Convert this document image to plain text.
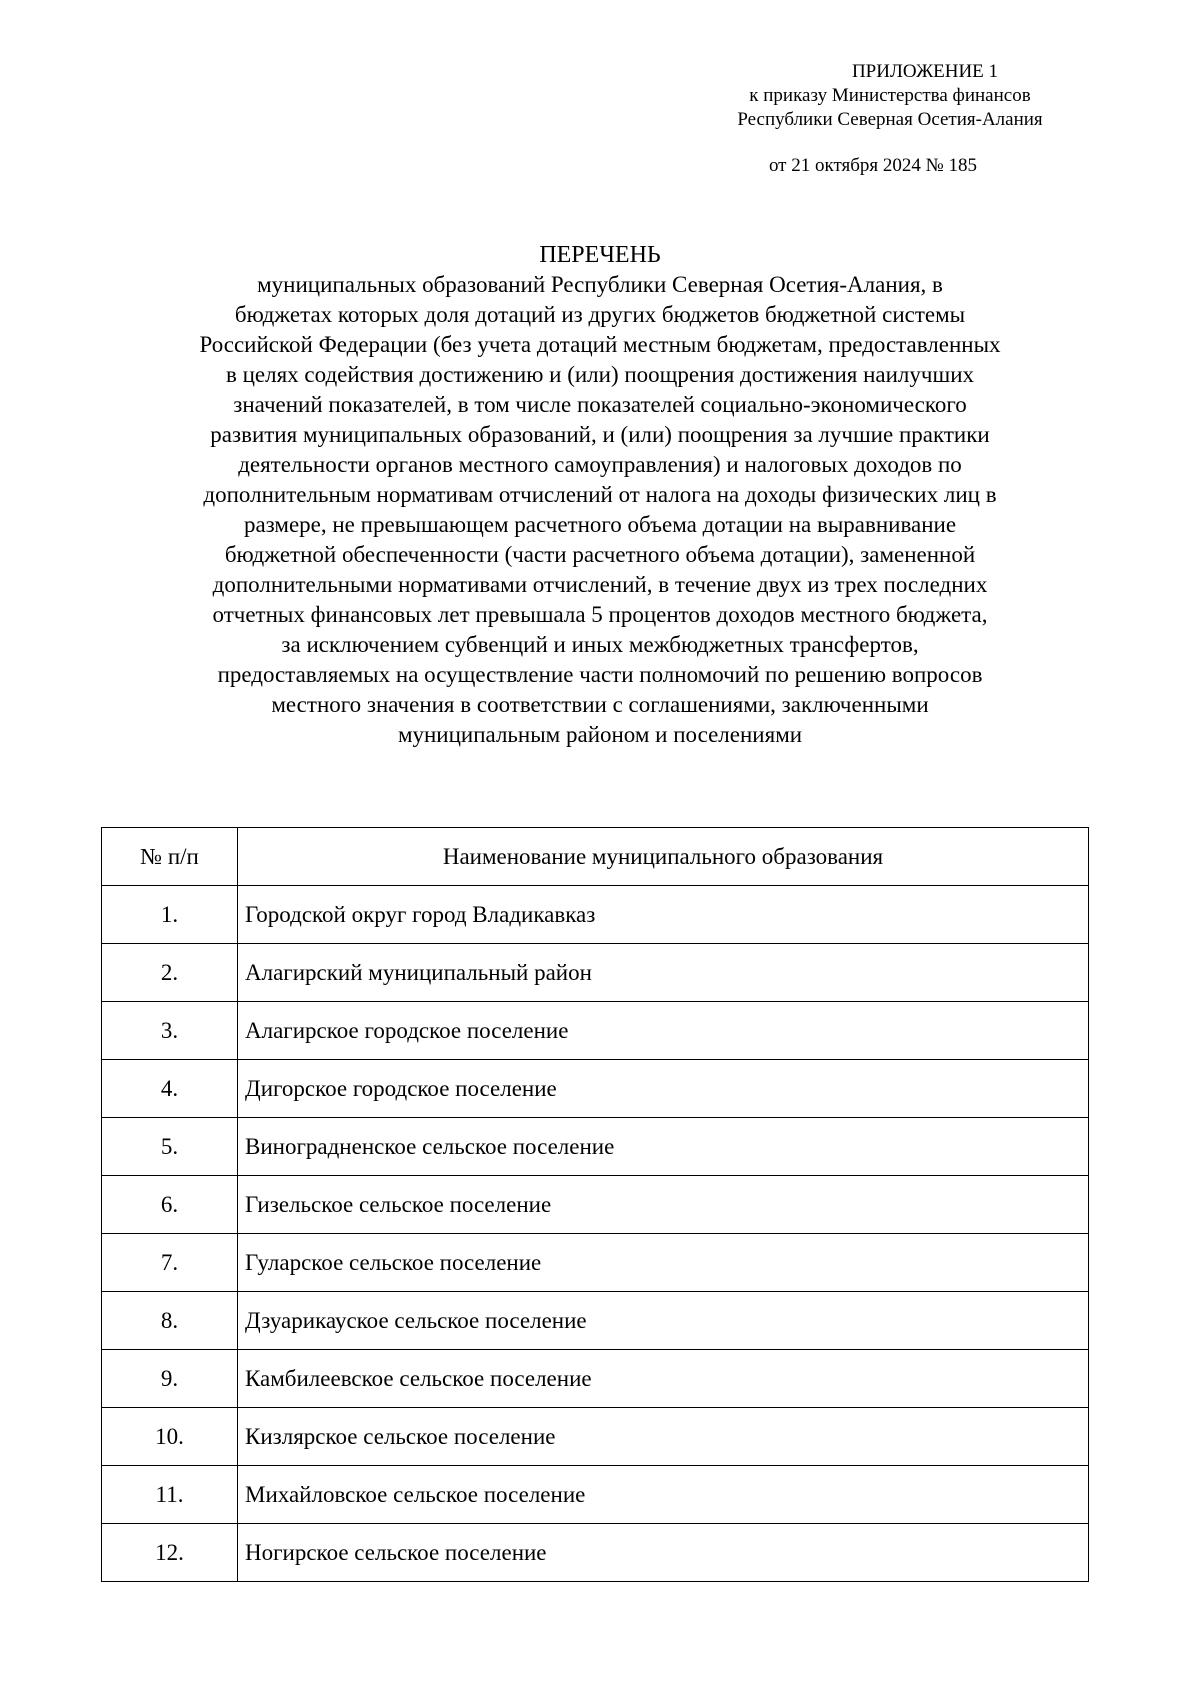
ПРИЛОЖЕНИЕ 1
к приказу Министерства финансов
Республики Северная Осетия-Алания
от 21 октября 2024 № 185
ПЕРЕЧЕНЬ
муниципальных образований Республики Северная Осетия-Алания, в
бюджетах которых доля дотаций из других бюджетов бюджетной системы
Российской Федерации (без учета дотаций местным бюджетам, предоставленных
в целях содействия достижению и (или) поощрения достижения наилучших
значений показателей, в том числе показателей социально-экономического
развития муниципальных образований, и (или) поощрения за лучшие практики
деятельности органов местного самоуправления) и налоговых доходов по
дополнительным нормативам отчислений от налога на доходы физических лиц в
размере, не превышающем расчетного объема дотации на выравнивание
бюджетной обеспеченности (части расчетного объема дотации), замененной
дополнительными нормативами отчислений, в течение двух из трех последних
отчетных финансовых лет превышала 5 процентов доходов местного бюджета,
за исключением субвенций и иных межбюджетных трансфертов,
предоставляемых на осуществление части полномочий по решению вопросов
местного значения в соответствии с соглашениями, заключенными
муниципальным районом и поселениями
№ п/п	Наименование муниципального образования
1.	Городской округ город Владикавказ
2.	Алагирский муниципальный район
3.	Алагирское городское поселение
4.	Дигорское городское поселение
5.	Виноградненское сельское поселение
6.	Гизельское сельское поселение
7.	Гуларское сельское поселение
8.	Дзуарикауское сельское поселение
9.	Камбилеевское сельское поселение
10.	Кизлярское сельское поселение
11.	Михайловское сельское поселение
12.	Ногирское сельское поселение
